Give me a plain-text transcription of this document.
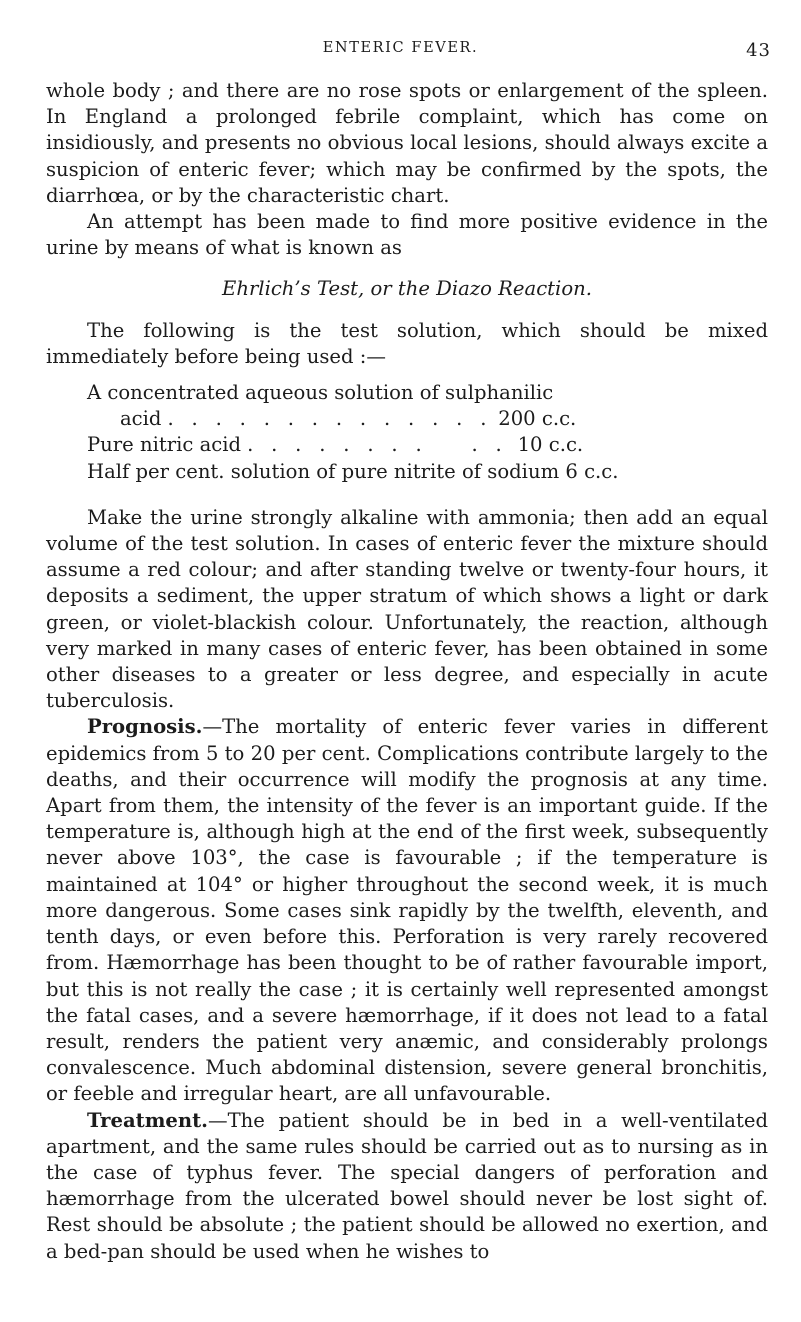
ENTERIC FEVER.	43

whole body ; and there are no rose spots or enlargement of the spleen. In England a prolonged febrile complaint, which has come on insidiously, and presents no obvious local lesions, should always excite a suspicion of enteric fever; which may be confirmed by the spots, the diarrhœa, or by the characteristic chart.

An attempt has been made to find more positive evidence in the urine by means of what is known as

Ehrlich’s Test, or the Diazo Reaction.

The following is the test solution, which should be mixed immediately before being used :—

A concentrated aqueous solution of sulphanilic
acid . . . . . . . . . . . . . . 200 c.c.
Pure nitric acid . . . . . . . . . . 10 c.c.
Half per cent. solution of pure nitrite of sodium 6 c.c.

Make the urine strongly alkaline with ammonia; then add an equal volume of the test solution. In cases of enteric fever the mixture should assume a red colour; and after standing twelve or twenty-four hours, it deposits a sediment, the upper stratum of which shows a light or dark green, or violet-blackish colour. Unfortunately, the reaction, although very marked in many cases of enteric fever, has been obtained in some other diseases to a greater or less degree, and especially in acute tuberculosis.

Prognosis.—The mortality of enteric fever varies in different epidemics from 5 to 20 per cent. Complications contribute largely to the deaths, and their occurrence will modify the prognosis at any time. Apart from them, the intensity of the fever is an important guide. If the temperature is, although high at the end of the first week, subsequently never above 103°, the case is favourable ; if the temperature is maintained at 104° or higher throughout the second week, it is much more dangerous. Some cases sink rapidly by the twelfth, eleventh, and tenth days, or even before this. Perforation is very rarely recovered from. Hæmorrhage has been thought to be of rather favourable import, but this is not really the case ; it is certainly well represented amongst the fatal cases, and a severe hæmorrhage, if it does not lead to a fatal result, renders the patient very anæmic, and considerably prolongs convalescence. Much abdominal distension, severe general bronchitis, or feeble and irregular heart, are all unfavourable.

Treatment.—The patient should be in bed in a well-ventilated apartment, and the same rules should be carried out as to nursing as in the case of typhus fever. The special dangers of perforation and hæmorrhage from the ulcerated bowel should never be lost sight of. Rest should be absolute ; the patient should be allowed no exertion, and a bed-pan should be used when he wishes to
